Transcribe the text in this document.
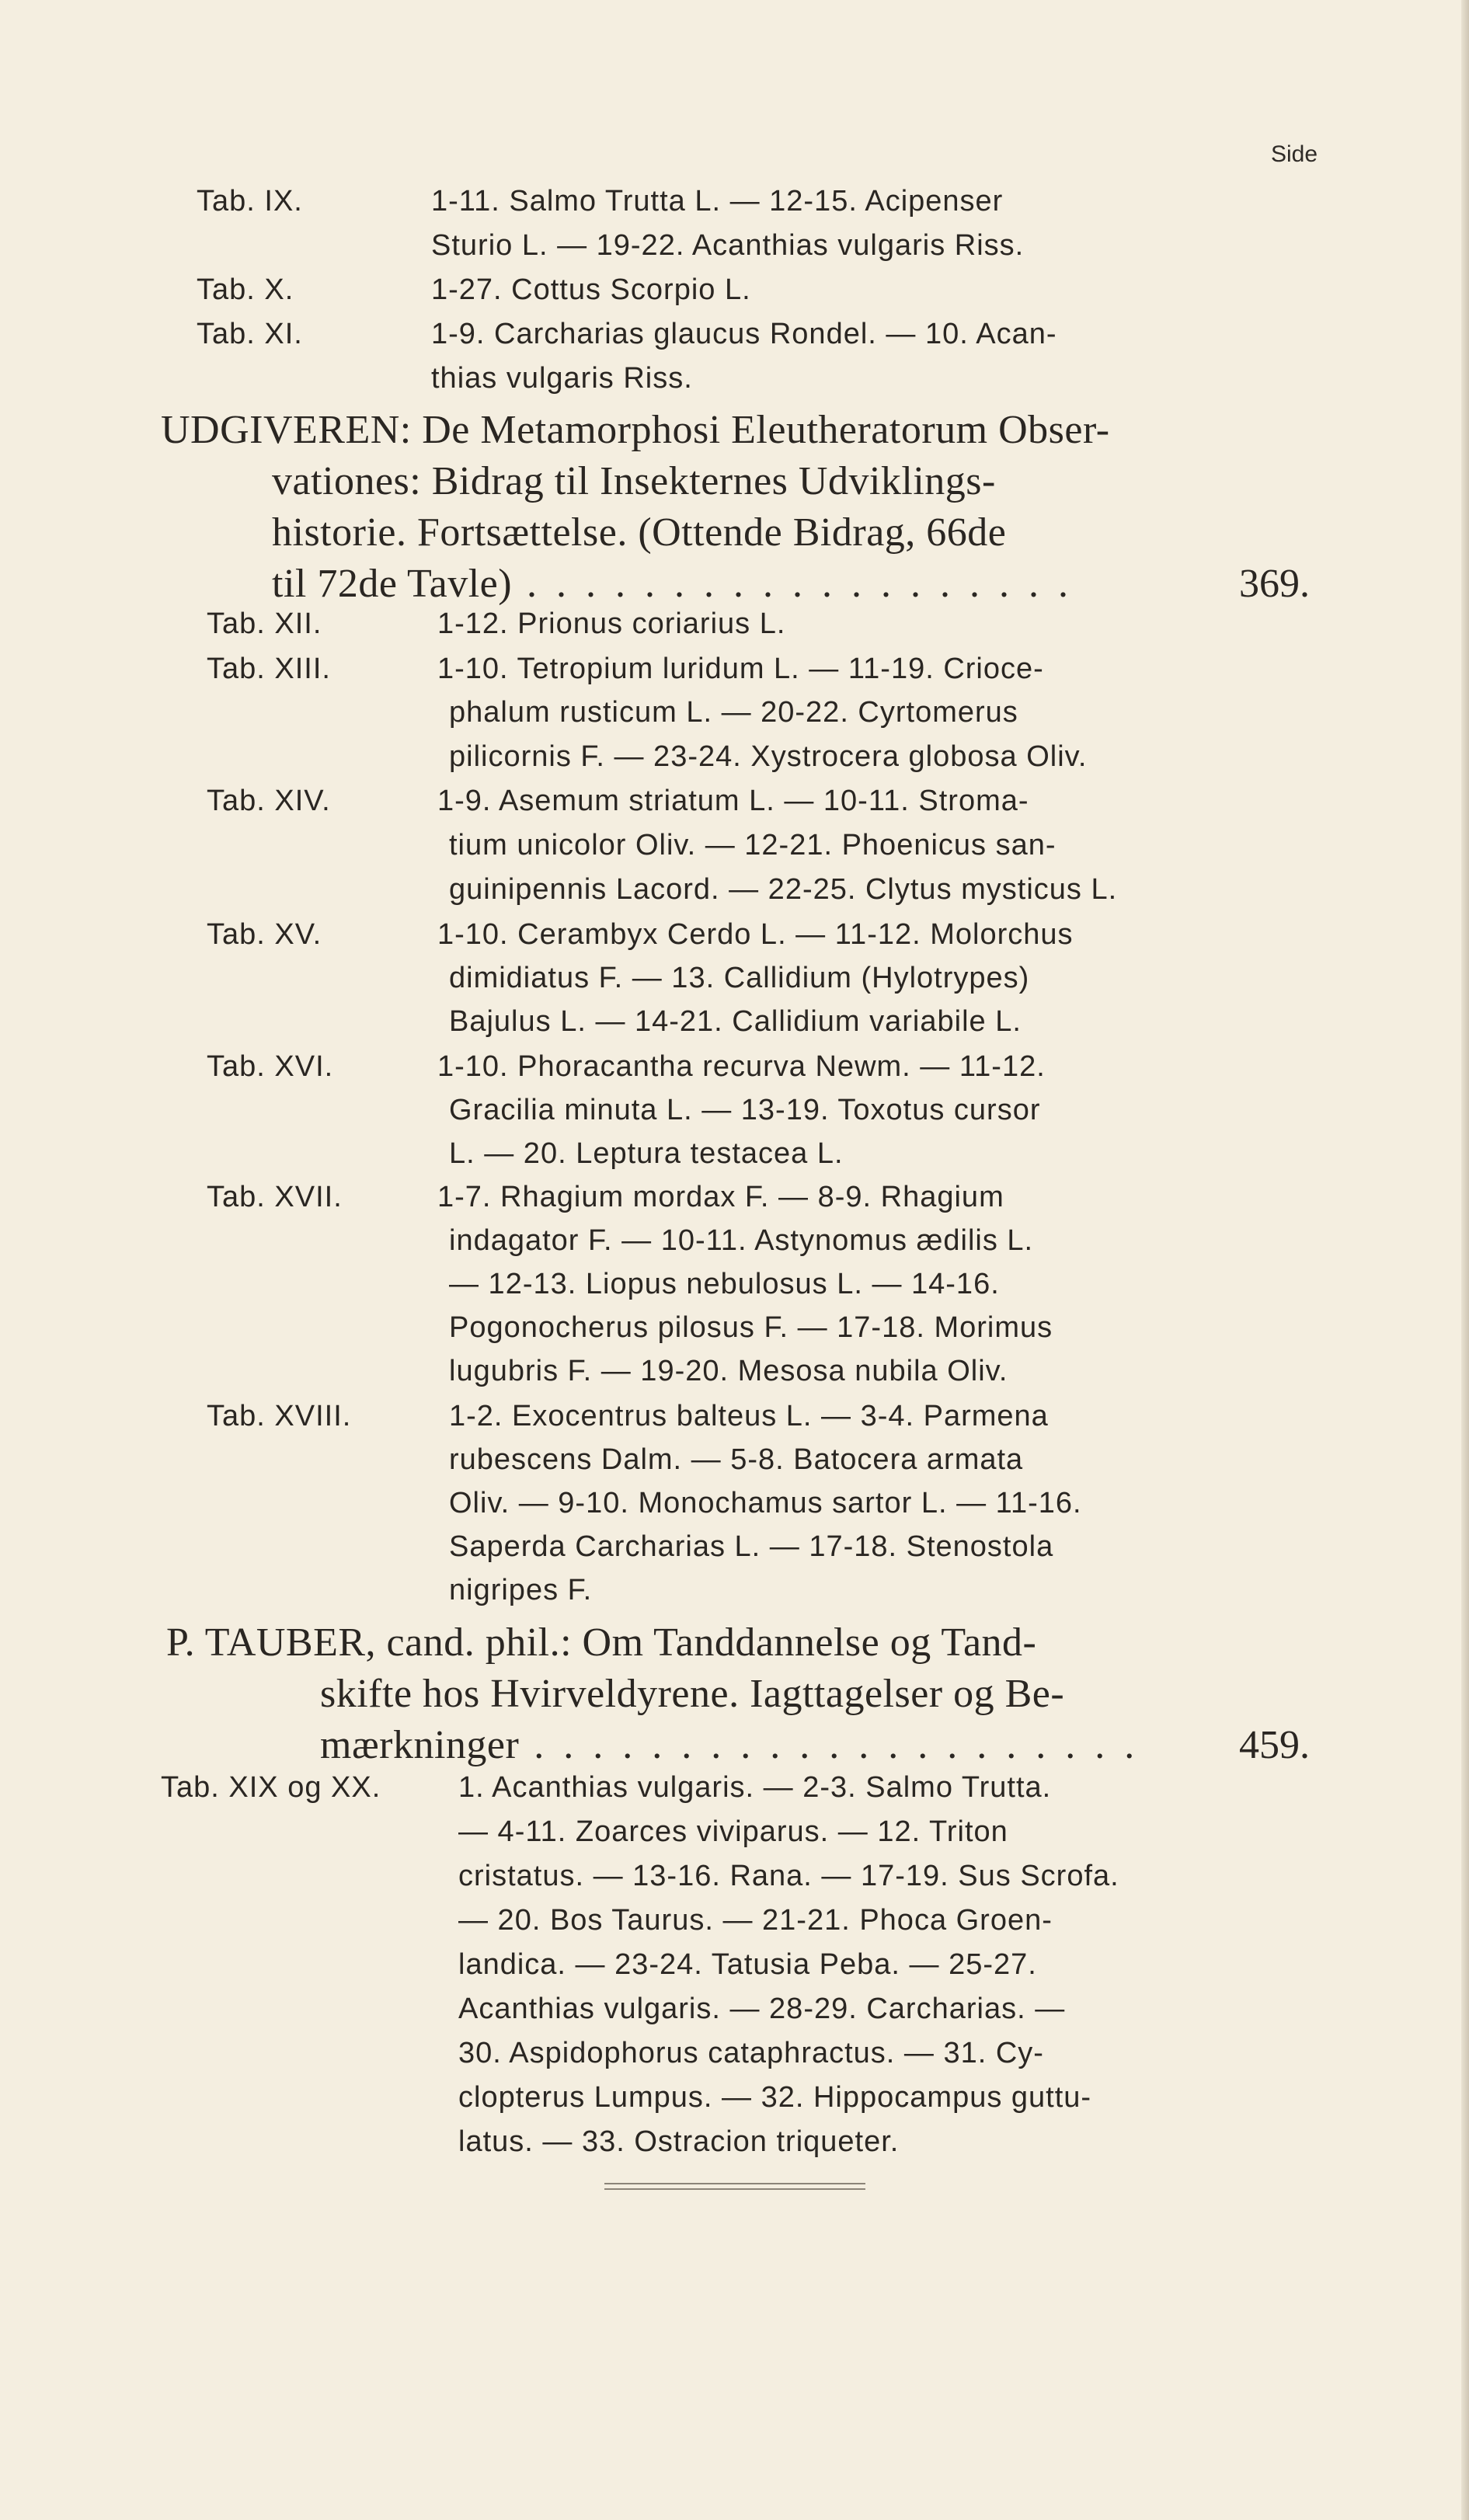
Side
Tab. IX.	1-11. Salmo Trutta L. — 12-15. Acipenser
Sturio L. — 19-22. Acanthias vulgaris Riss.
Tab. X.	1-27. Cottus Scorpio L.
Tab. XI.	1-9. Carcharias glaucus Rondel. — 10. Acan-
thias vulgaris Riss.
UDGIVEREN: De Metamorphosi Eleutheratorum Obser-
vationes: Bidrag til Insekternes Udviklings-
historie. Fortsættelse. (Ottende Bidrag, 66de
til 72de Tavle) . . . . . . . . . . . . . . . . . . .	369.
Tab. XII.	1-12. Prionus coriarius L.
Tab. XIII.	1-10. Tetropium luridum L. — 11-19. Crioce-
phalum rusticum L. — 20-22. Cyrtomerus
pilicornis F. — 23-24. Xystrocera globosa Oliv.
Tab. XIV.	1-9. Asemum striatum L. — 10-11. Stroma-
tium unicolor Oliv. — 12-21. Phoenicus san-
guinipennis Lacord. — 22-25. Clytus mysticus L.
Tab. XV.	1-10. Cerambyx Cerdo L. — 11-12. Molorchus
dimidiatus F. — 13. Callidium (Hylotrypes)
Bajulus L. — 14-21. Callidium variabile L.
Tab. XVI.	1-10. Phoracantha recurva Newm. — 11-12.
Gracilia minuta L. — 13-19. Toxotus cursor
L. — 20. Leptura testacea L.
Tab. XVII.	1-7. Rhagium mordax F. — 8-9. Rhagium
indagator F. — 10-11. Astynomus ædilis L.
— 12-13. Liopus nebulosus L. — 14-16.
Pogonocherus pilosus F. — 17-18. Morimus
lugubris F. — 19-20. Mesosa nubila Oliv.
Tab. XVIII.	1-2. Exocentrus balteus L. — 3-4. Parmena
rubescens Dalm. — 5-8. Batocera armata
Oliv. — 9-10. Monochamus sartor L. — 11-16.
Saperda Carcharias L. — 17-18. Stenostola
nigripes F.
P. TAUBER, cand. phil.: Om Tanddannelse og Tand-
skifte hos Hvirveldyrene. Iagttagelser og Be-
mærkninger . . . . . . . . . . . . . . . . . . . . . 459.
Tab. XIX og XX.	1. Acanthias vulgaris. — 2-3. Salmo Trutta.
— 4-11. Zoarces viviparus. — 12. Triton
cristatus. — 13-16. Rana. — 17-19. Sus Scrofa.
— 20. Bos Taurus. — 21-21. Phoca Groen-
landica. — 23-24. Tatusia Peba. — 25-27.
Acanthias vulgaris. — 28-29. Carcharias. —
30. Aspidophorus cataphractus. — 31. Cy-
clopterus Lumpus. — 32. Hippocampus guttu-
latus. — 33. Ostracion triqueter.
